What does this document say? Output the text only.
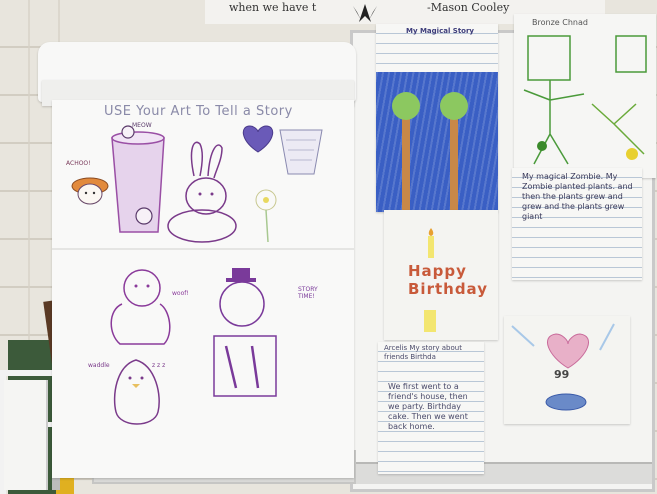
when we have t	-Mason Cooley
USE Your Art To Tell a Story
MEOW
ACHOO!
woof!
STORY TIME!
waddle	z z z
My Magical Story
Bronze Chnad
My magical Zombie. My Zombie planted plants. and then the plants grew and grew and the plants grew giant
Happy Birthday
Arcelis My story about friends Birthda
We first went to a friend's house, then we party. Birthday cake. Then we went back home.
99
